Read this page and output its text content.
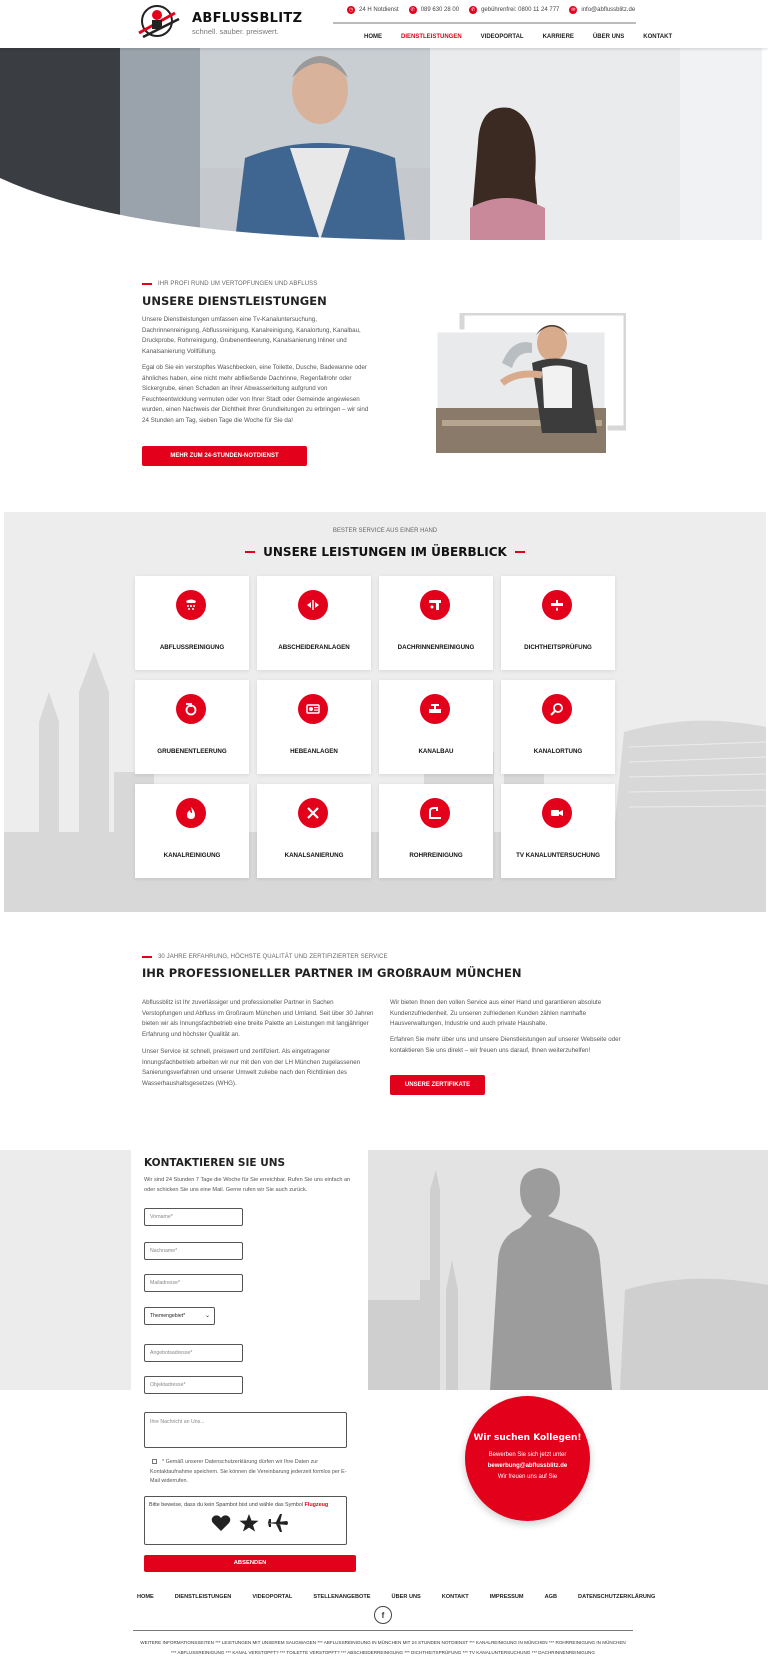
ABFLUSSBLITZ
schnell. sauber. preiswert.
◷ 24 H Notdienst	✆ 089 630 28 00	✆ gebührenfrei: 0800 11 24 777	✉ info@abflussblitz.de
HOME	DIENSTLEISTUNGEN	VIDEOPORTAL	KARRIERE	ÜBER UNS	KONTAKT
IHR PROFI RUND UM VERTOPFUNGEN UND ABFLUSS
UNSERE DIENSTLEISTUNGEN

Unsere Dienstleistungen umfassen eine Tv-Kanaluntersuchung, Dachrinnenreinigung, Abflussreinigung, Kanalreinigung, Kanalortung, Kanalbau, Druckprobe, Rohrreinigung, Grubenentleerung, Kanalsanierung Inliner und Kanalsanierung Vollfüllung.

Egal ob Sie ein verstopftes Waschbecken, eine Toilette, Dusche, Badewanne oder ähnliches haben, eine nicht mehr abfließende Dachrinne, Regenfallrohr oder Sickergrube, einen Schaden an Ihrer Abwasserleitung aufgrund von Feuchteentwicklung vermuten oder von Ihrer Stadt oder Gemeinde angewiesen wurden, einen Nachweis der Dichtheit Ihrer Grundleitungen zu erbringen – wir sind 24 Stunden am Tag, sieben Tage die Woche für Sie da!

MEHR ZUM 24-STUNDEN-NOTDIENST
BESTER SERVICE AUS EINER HAND
UNSERE LEISTUNGEN IM ÜBERBLICK
ABFLUSSREINIGUNG	ABSCHEIDERANLAGEN	DACHRINNENREINIGUNG	DICHTHEITSPRÜFUNG
GRUBENENTLEERUNG	HEBEANLAGEN	KANALBAU	KANALORTUNG
KANALREINIGUNG	KANALSANIERUNG	ROHRREINIGUNG	TV KANALUNTERSUCHUNG
30 JAHRE ERFAHRUNG, HÖCHSTE QUALITÄT UND ZERTIFIZIERTER SERVICE
IHR PROFESSIONELLER PARTNER IM GROßRAUM MÜNCHEN

Abflussblitz ist Ihr zuverlässiger und professioneller Partner in Sachen Verstopfungen und Abfluss im Großraum München und Umland. Seit über 30 Jahren bieten wir als Innungsfachbetrieb eine breite Palette an Leistungen mit langjähriger Erfahrung und höchster Qualität an.

Unser Service ist schnell, preiswert und zertifiziert. Als eingetragener Innungsfachbetrieb arbeiten wir nur mit den von der LH München zugelassenen Sanierungsverfahren und unserer Umwelt zuliebe nach den Richtlinien des Wasserhaushaltsgesetzes (WHG).

Wir bieten Ihnen den vollen Service aus einer Hand und garantieren absolute Kundenzufriedenheit. Zu unseren zufriedenen Kunden zählen namhafte Hausverwaltungen, Industrie und auch private Haushalte.

Erfahren Sie mehr über uns und unsere Dienstleistungen auf unserer Webseite oder kontaktieren Sie uns direkt – wir freuen uns darauf, Ihnen weiterzuhelfen!

UNSERE ZERTIFIKATE
KONTAKTIEREN SIE UNS

Wir sind 24 Stunden 7 Tage die Woche für Sie erreichbar. Rufen Sie uns einfach an oder schicken Sie uns eine Mail. Gerne rufen wir Sie auch zurück.

Vorname*
Nachname*
Mailadresse*
Themengebiet*	⌄
Angebotsadresse*
Objektadresse*
Ihre Nachricht an Uns...

* Gemäß unserer Datenschutzerklärung dürfen wir Ihre Daten zur Kontaktaufnahme speichern. Sie können die Vereinbarung jederzeit formlos per E-Mail widerrufen.

Bitte beweise, dass du kein Spambot bist und wähle das Symbol Flugzeug
ABSENDEN
Wir suchen Kollegen!
Bewerben Sie sich jetzt unter
bewerbung@abflussblitz.de
Wir freuen uns auf Sie
HOME	DIENSTLEISTUNGEN	VIDEOPORTAL	STELLENANGEBOTE	ÜBER UNS	KONTAKT	IMPRESSUM	AGB	DATENSCHUTZERKLÄRUNG
f
WEITERE INFORMATIONSSEITEN *** LEISTUNGEN MIT UNSEREM SAUGWAGEN *** ABFLUSSREINIGUNG IN MÜNCHEN MIT 24 STUNDEN NOTDIENST *** KANALREINIGUNG IN MÜNCHEN *** ROHRREINIGUNG IN MÜNCHEN
*** ABFLUSSREINIGUNG *** KANAL VERSTOPFT? *** TOILETTE VERSTOPFT? *** ABSCHEIDERREINIGUNG *** DICHTHEITSPRÜFUNG *** TV KANALUNTERSUCHUNG *** DACHRINNENREINIGUNG
